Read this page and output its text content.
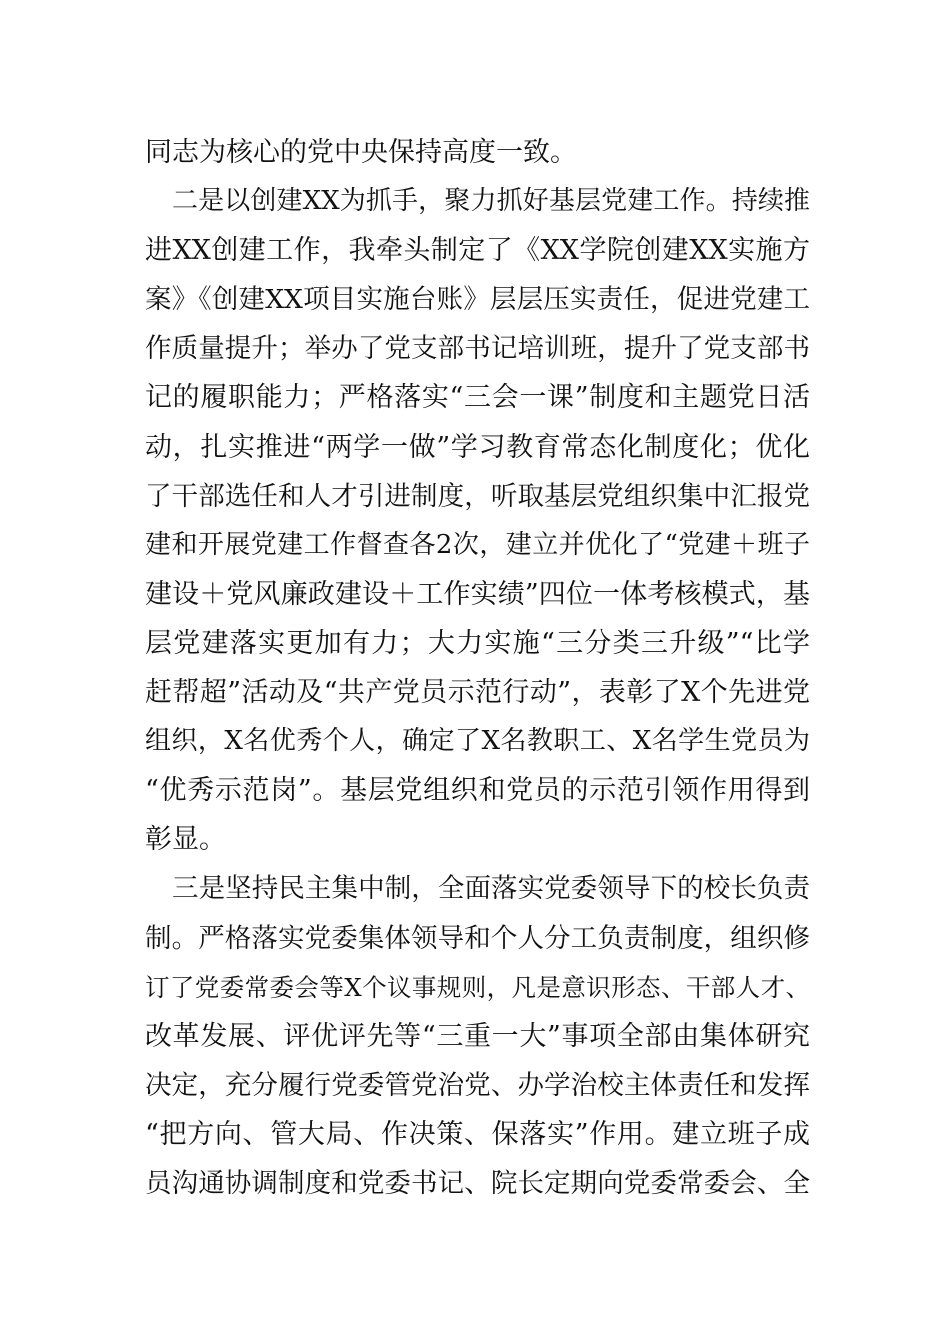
同志为核心的党中央保持高度一致。
二是以创建XX为抓手，聚力抓好基层党建工作。持续推
进XX创建工作，我牵头制定了《XX学院创建XX实施方
案》《创建XX项目实施台账》层层压实责任，促进党建工
作质量提升；举办了党支部书记培训班，提升了党支部书
记的履职能力；严格落实“三会一课”制度和主题党日活
动，扎实推进“两学一做”学习教育常态化制度化；优化
了干部选任和人才引进制度，听取基层党组织集中汇报党
建和开展党建工作督查各2次，建立并优化了“党建＋班子
建设＋党风廉政建设＋工作实绩”四位一体考核模式，基
层党建落实更加有力；大力实施“三分类三升级”“比学
赶帮超”活动及“共产党员示范行动”，表彰了X个先进党
组织，X名优秀个人，确定了X名教职工、X名学生党员为
“优秀示范岗”。基层党组织和党员的示范引领作用得到
彰显。
三是坚持民主集中制，全面落实党委领导下的校长负责
制。严格落实党委集体领导和个人分工负责制度，组织修
订了党委常委会等X个议事规则，凡是意识形态、干部人才、
改革发展、评优评先等“三重一大”事项全部由集体研究
决定，充分履行党委管党治党、办学治校主体责任和发挥
“把方向、管大局、作决策、保落实”作用。建立班子成
员沟通协调制度和党委书记、院长定期向党委常委会、全
